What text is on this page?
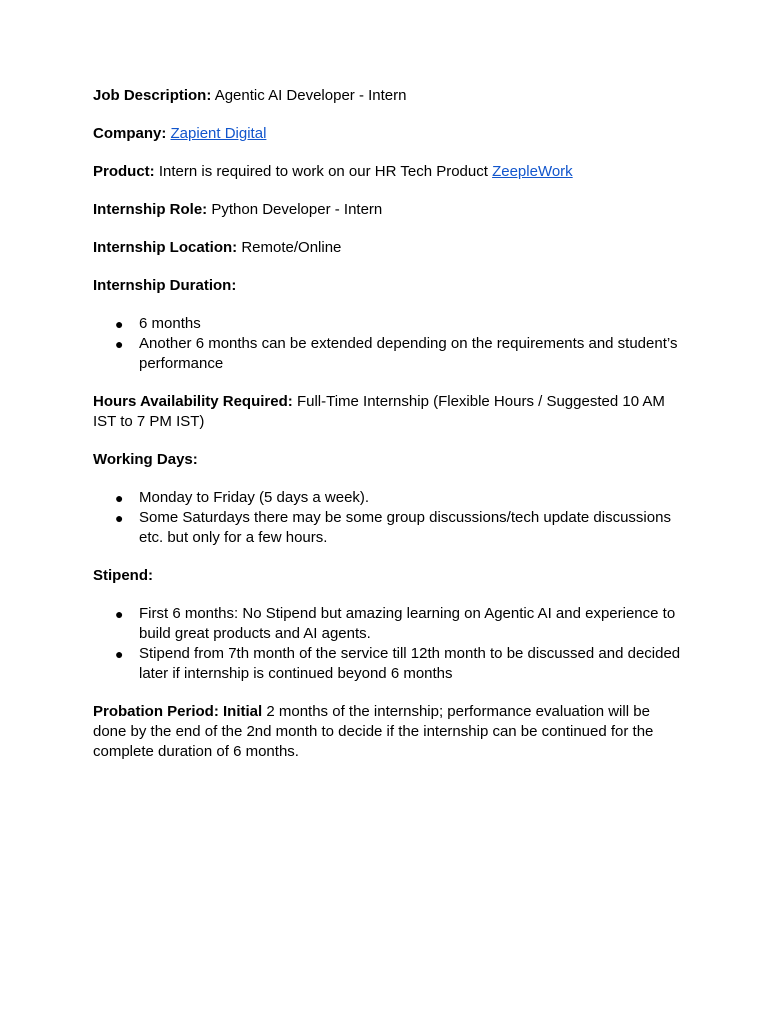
Job Description: Agentic AI Developer - Intern

Company: Zapient Digital

Product: Intern is required to work on our HR Tech Product ZeepleWork

Internship Role: Python Developer - Intern

Internship Location: Remote/Online

Internship Duration:

● 6 months
● Another 6 months can be extended depending on the requirements and student’s performance

Hours Availability Required: Full-Time Internship (Flexible Hours / Suggested 10 AM IST to 7 PM IST)

Working Days:

● Monday to Friday (5 days a week).
● Some Saturdays there may be some group discussions/tech update discussions etc. but only for a few hours.

Stipend:

● First 6 months: No Stipend but amazing learning on Agentic AI and experience to build great products and AI agents.
● Stipend from 7th month of the service till 12th month to be discussed and decided later if internship is continued beyond 6 months

Probation Period: Initial 2 months of the internship; performance evaluation will be done by the end of the 2nd month to decide if the internship can be continued for the complete duration of 6 months.
